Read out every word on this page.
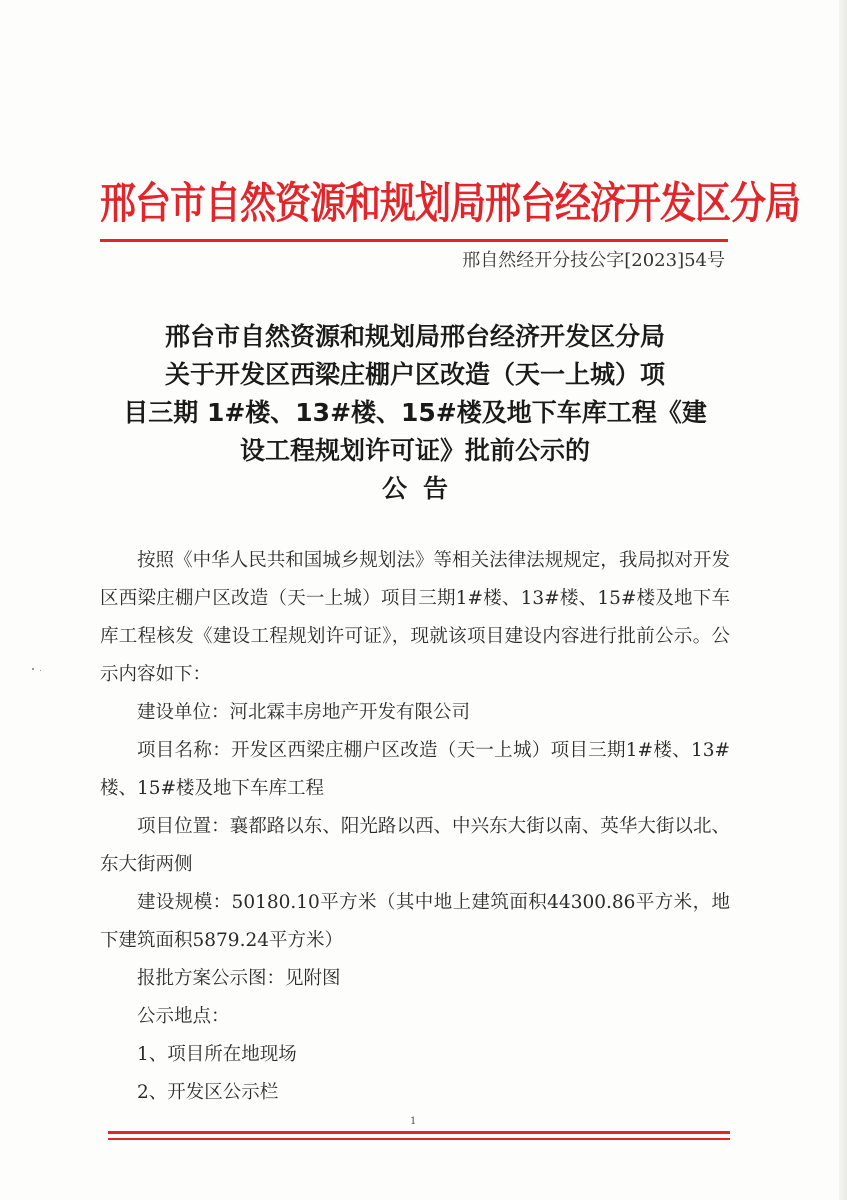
邢台市自然资源和规划局邢台经济开发区分局
邢自然经开分技公字[2023]54号
邢台市自然资源和规划局邢台经济开发区分局
关于开发区西梁庄棚户区改造（天一上城）项
目三期 1#楼、13#楼、15#楼及地下车库工程《建
设工程规划许可证》批前公示的
公告

按照《中华人民共和国城乡规划法》等相关法律法规规定，我局拟对开发区西梁庄棚户区改造（天一上城）项目三期1#楼、13#楼、15#楼及地下车库工程核发《建设工程规划许可证》，现就该项目建设内容进行批前公示。公示内容如下：

建设单位：河北霖丰房地产开发有限公司

项目名称：开发区西梁庄棚户区改造（天一上城）项目三期1#楼、13#楼、15#楼及地下车库工程

项目位置：襄都路以东、阳光路以西、中兴东大街以南、英华大街以北、东大街两侧

建设规模：50180.10平方米（其中地上建筑面积44300.86平方米，地下建筑面积5879.24平方米）

报批方案公示图：见附图

公示地点：

1、项目所在地现场

2、开发区公示栏

1
